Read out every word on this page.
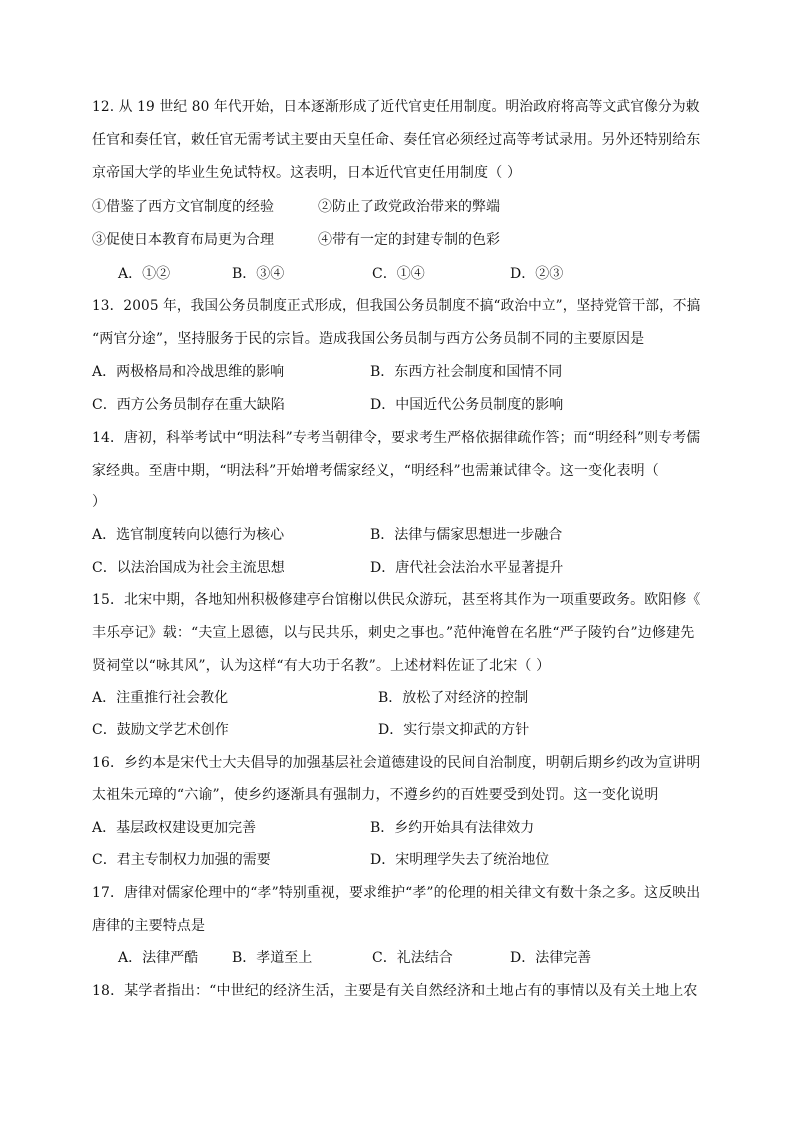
12. 从 19 世纪 80 年代开始，日本逐渐形成了近代官吏任用制度。明治政府将高等文武官像分为敕
任官和奏任官，敕任官无需考试主要由天皇任命、奏任官必须经过高等考试录用。另外还特别给东
京帝国大学的毕业生免试特权。这表明，日本近代官吏任用制度（ ）
①借鉴了西方文官制度的经验	②防止了政党政治带来的弊端
③促使日本教育布局更为合理	④带有一定的封建专制的色彩
A．①②	B．③④	C．①④	D．②③
13．2005 年，我国公务员制度正式形成，但我国公务员制度不搞“政治中立”，坚持党管干部，不搞
“两官分途”，坚持服务于民的宗旨。造成我国公务员制与西方公务员制不同的主要原因是
A．两极格局和冷战思维的影响	B．东西方社会制度和国情不同
C．西方公务员制存在重大缺陷	D．中国近代公务员制度的影响
14．唐初，科举考试中“明法科”专考当朝律令，要求考生严格依据律疏作答；而“明经科”则专考儒
家经典。至唐中期，“明法科”开始增考儒家经义，“明经科”也需兼试律令。这一变化表明（
）
A．选官制度转向以德行为核心	B．法律与儒家思想进一步融合
C．以法治国成为社会主流思想	D．唐代社会法治水平显著提升
15．北宋中期，各地知州积极修建亭台馆榭以供民众游玩，甚至将其作为一项重要政务。欧阳修《
丰乐亭记》载：“夫宣上恩德，以与民共乐，刺史之事也。”范仲淹曾在名胜“严子陵钓台”边修建先
贤祠堂以“咏其风”，认为这样“有大功于名教”。上述材料佐证了北宋（ ）
A．注重推行社会教化	B．放松了对经济的控制
C．鼓励文学艺术创作	D．实行崇文抑武的方针
16．乡约本是宋代士大夫倡导的加强基层社会道德建设的民间自治制度，明朝后期乡约改为宣讲明
太祖朱元璋的“六谕”，使乡约逐渐具有强制力，不遵乡约的百姓要受到处罚。这一变化说明
A．基层政权建设更加完善	B．乡约开始具有法律效力
C．君主专制权力加强的需要	D．宋明理学失去了统治地位
17．唐律对儒家伦理中的“孝”特别重视，要求维护“孝”的伦理的相关律文有数十条之多。这反映出
唐律的主要特点是
A．法律严酷 B．孝道至上	C．礼法结合	D．法律完善
18．某学者指出：“中世纪的经济生活，主要是有关自然经济和土地占有的事情以及有关土地上农
